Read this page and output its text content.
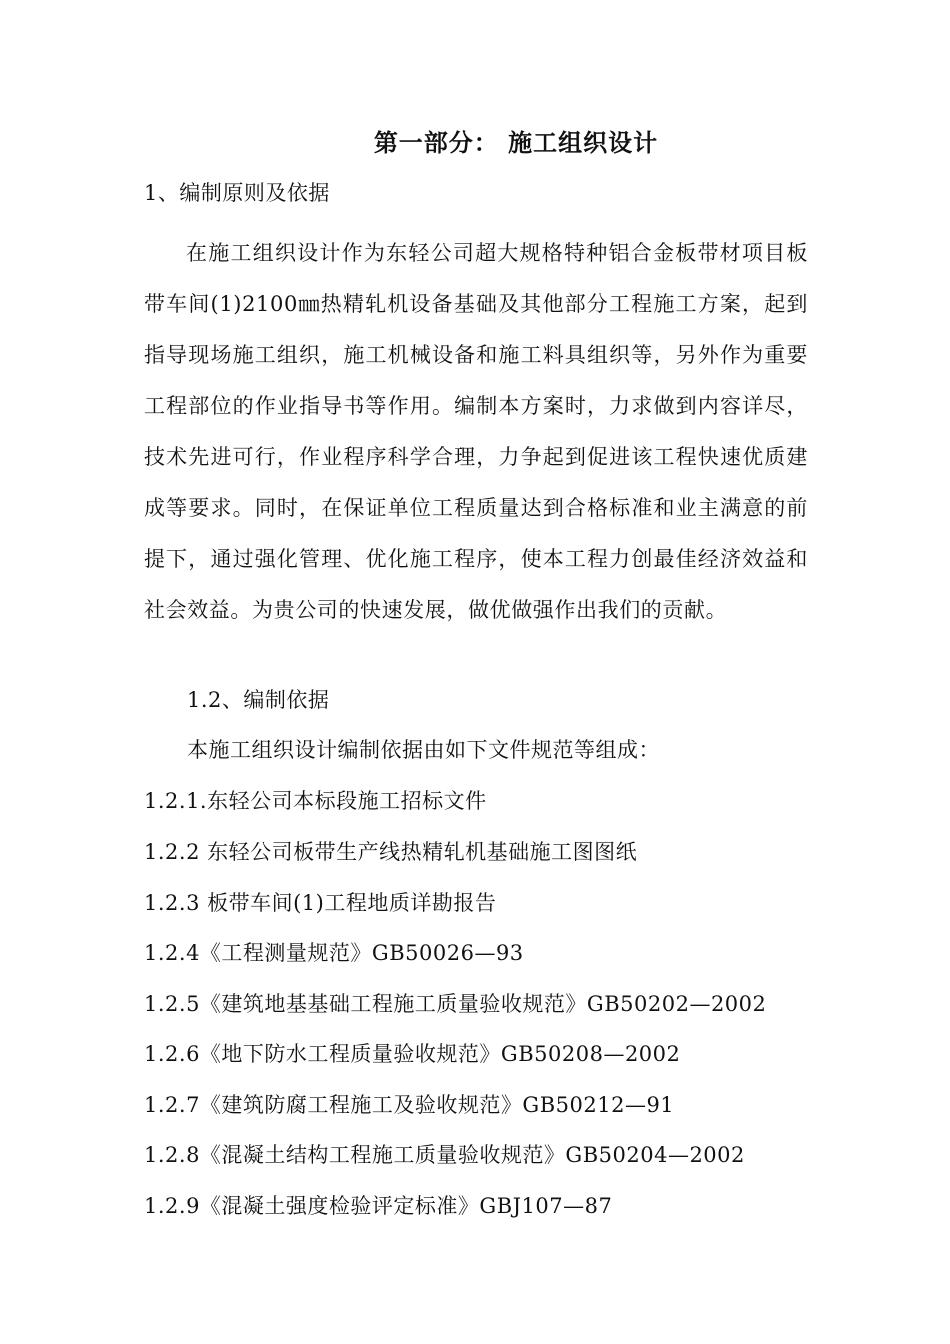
第一部分： 施工组织设计
1、编制原则及依据
在施工组织设计作为东轻公司超大规格特种铝合金板带材项目板带车间(1)2100㎜热精轧机设备基础及其他部分工程施工方案，起到指导现场施工组织，施工机械设备和施工料具组织等，另外作为重要工程部位的作业指导书等作用。编制本方案时，力求做到内容详尽，技术先进可行，作业程序科学合理，力争起到促进该工程快速优质建成等要求。同时，在保证单位工程质量达到合格标准和业主满意的前提下，通过强化管理、优化施工程序，使本工程力创最佳经济效益和社会效益。为贵公司的快速发展，做优做强作出我们的贡献。
1.2、编制依据
本施工组织设计编制依据由如下文件规范等组成：
1.2.1.东轻公司本标段施工招标文件
1.2.2 东轻公司板带生产线热精轧机基础施工图图纸
1.2.3 板带车间(1)工程地质详勘报告
1.2.4《工程测量规范》GB50026—93
1.2.5《建筑地基基础工程施工质量验收规范》GB50202—2002
1.2.6《地下防水工程质量验收规范》GB50208—2002
1.2.7《建筑防腐工程施工及验收规范》GB50212—91
1.2.8《混凝土结构工程施工质量验收规范》GB50204—2002
1.2.9《混凝土强度检验评定标准》GBJ107—87
